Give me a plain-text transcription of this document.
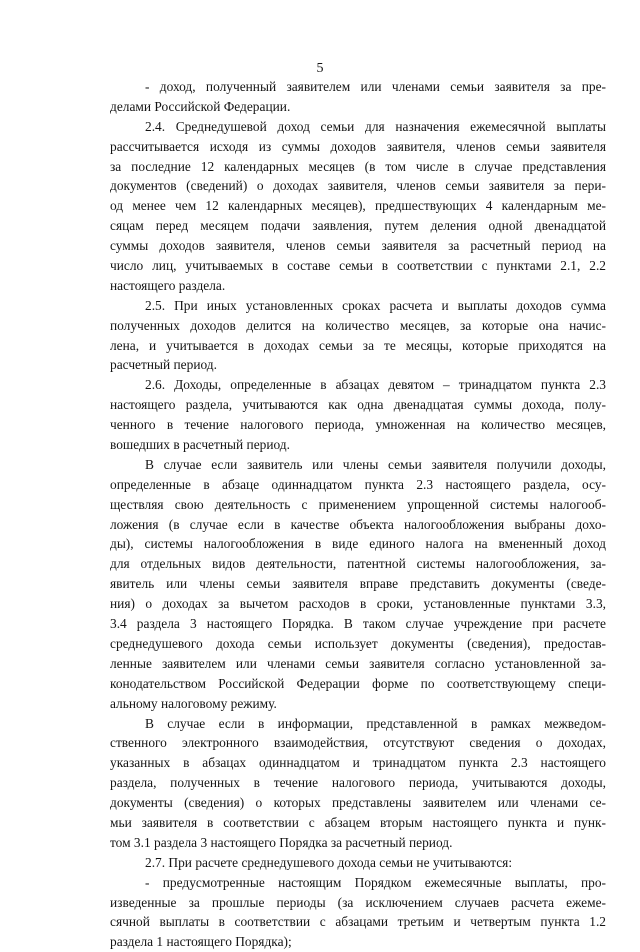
5
- доход, полученный заявителем или членами семьи заявителя за пре-
делами Российской Федерации.
2.4. Среднедушевой доход семьи для назначения ежемесячной выплаты
рассчитывается исходя из суммы доходов заявителя, членов семьи заявителя
за последние 12 календарных месяцев (в том числе в случае представления
документов (сведений) о доходах заявителя, членов семьи заявителя за пери-
од менее чем 12 календарных месяцев), предшествующих 4 календарным ме-
сяцам перед месяцем подачи заявления, путем деления одной двенадцатой
суммы доходов заявителя, членов семьи заявителя за расчетный период на
число лиц, учитываемых в составе семьи в соответствии с пунктами 2.1, 2.2
настоящего раздела.
2.5. При иных установленных сроках расчета и выплаты доходов сумма
полученных доходов делится на количество месяцев, за которые она начис-
лена, и учитывается в доходах семьи за те месяцы, которые приходятся на
расчетный период.
2.6. Доходы, определенные в абзацах девятом – тринадцатом пункта 2.3
настоящего раздела, учитываются как одна двенадцатая суммы дохода, полу-
ченного в течение налогового периода, умноженная на количество месяцев,
вошедших в расчетный период.
В случае если заявитель или члены семьи заявителя получили доходы,
определенные в абзаце одиннадцатом пункта 2.3 настоящего раздела, осу-
ществляя свою деятельность с применением упрощенной системы налогооб-
ложения (в случае если в качестве объекта налогообложения выбраны дохо-
ды), системы налогообложения в виде единого налога на вмененный доход
для отдельных видов деятельности, патентной системы налогообложения, за-
явитель или члены семьи заявителя вправе представить документы (сведе-
ния) о доходах за вычетом расходов в сроки, установленные пунктами 3.3,
3.4 раздела 3 настоящего Порядка. В таком случае учреждение при расчете
среднедушевого дохода семьи использует документы (сведения), предостав-
ленные заявителем или членами семьи заявителя согласно установленной за-
конодательством Российской Федерации форме по соответствующему специ-
альному налоговому режиму.
В случае если в информации, представленной в рамках межведом-
ственного электронного взаимодействия, отсутствуют сведения о доходах,
указанных в абзацах одиннадцатом и тринадцатом пункта 2.3 настоящего
раздела, полученных в течение налогового периода, учитываются доходы,
документы (сведения) о которых представлены заявителем или членами се-
мьи заявителя в соответствии с абзацем вторым настоящего пункта и пунк-
том 3.1 раздела 3 настоящего Порядка за расчетный период.
2.7. При расчете среднедушевого дохода семьи не учитываются:
- предусмотренные настоящим Порядком ежемесячные выплаты, про-
изведенные за прошлые периоды (за исключением случаев расчета ежеме-
сячной выплаты в соответствии с абзацами третьим и четвертым пункта 1.2
раздела 1 настоящего Порядка);
